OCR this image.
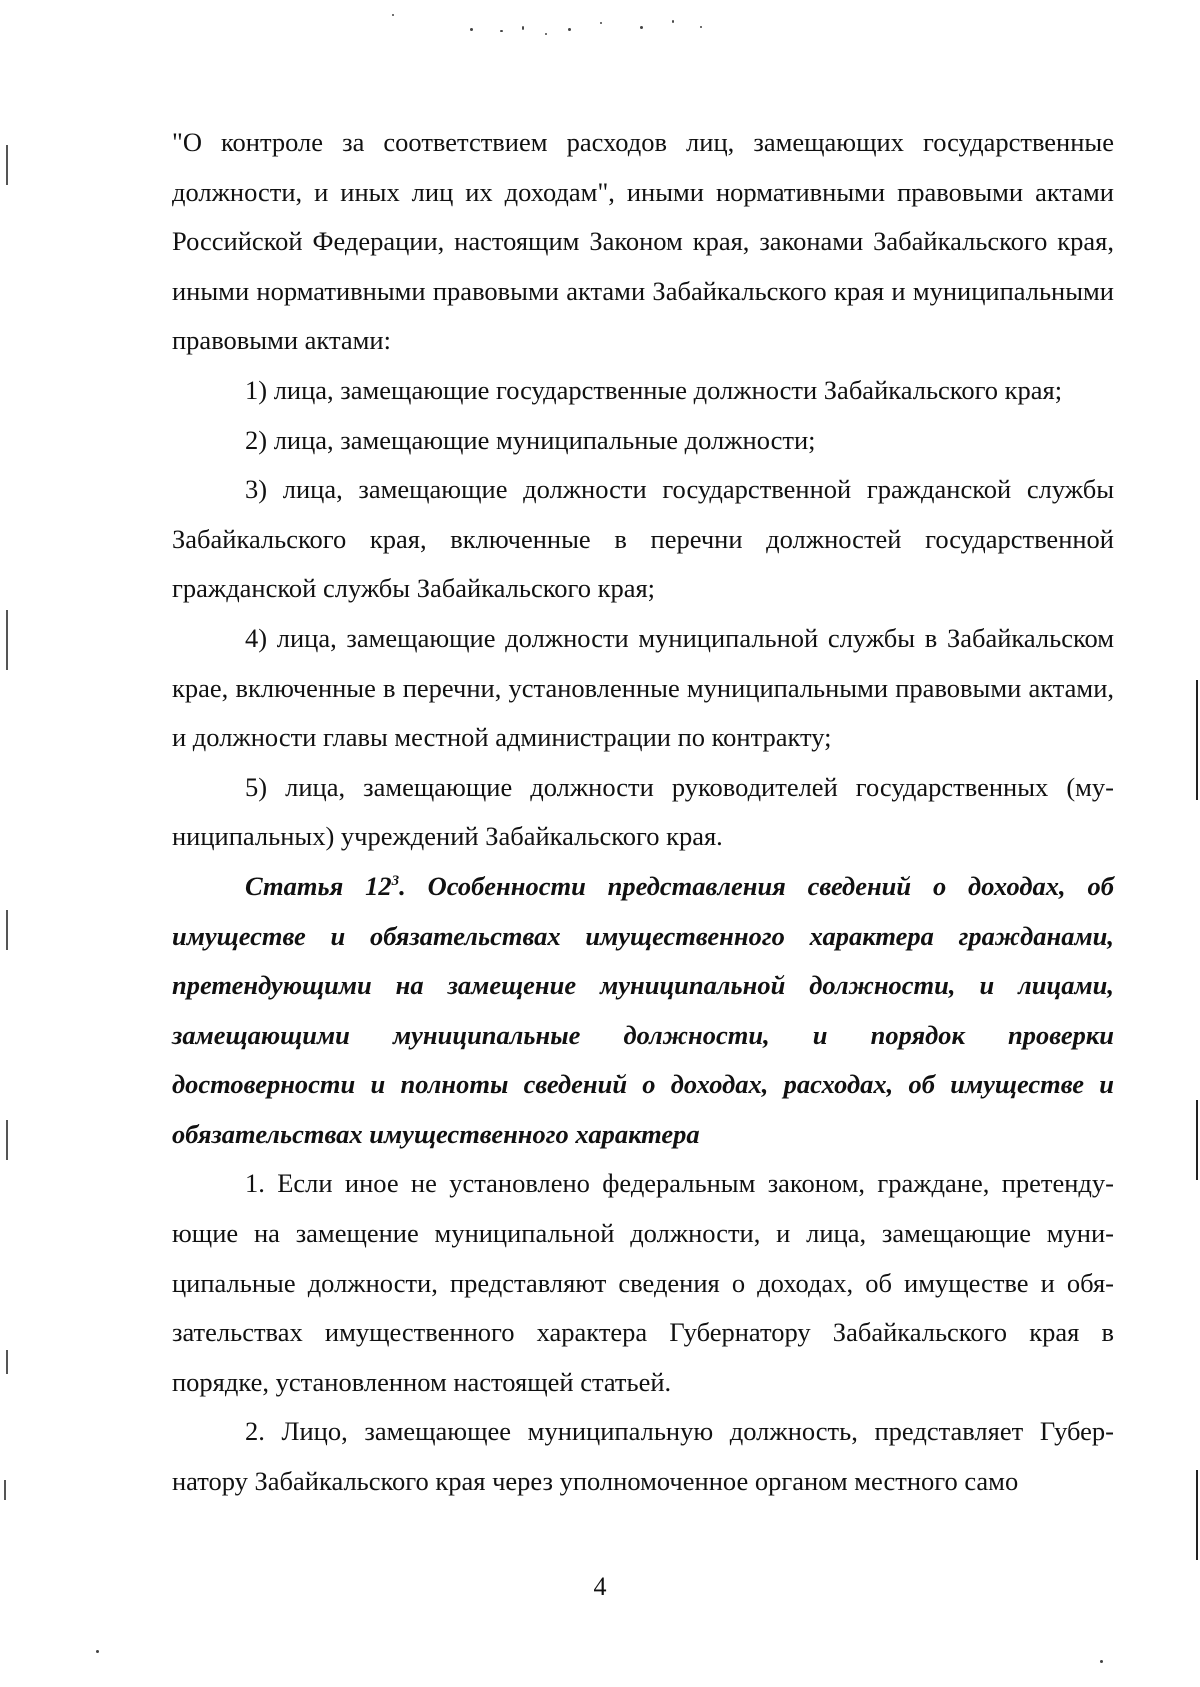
"О контроле за соответствием расходов лиц, замещающих государственные должности, и иных лиц их доходам", иными нормативными правовыми актами Российской Федерации, настоящим Законом края, законами Забайкальского края, иными нормативными правовыми актами Забайкальского края и муниципальными правовыми актами:

1) лица, замещающие государственные должности Забайкальского края;

2) лица, замещающие муниципальные должности;

3) лица, замещающие должности государственной гражданской службы Забайкальского края, включенные в перечни должностей государственной гражданской службы Забайкальского края;

4) лица, замещающие должности муниципальной службы в Забайкальском крае, включенные в перечни, установленные муниципальными правовыми актами, и должности главы местной администрации по контракту;

5) лица, замещающие должности руководителей государственных (муниципальных) учреждений Забайкальского края.

Статья $12^3$. Особенности представления сведений о доходах, об имуществе и обязательствах имущественного характера гражданами, претендующими на замещение муниципальной должности, и лицами, замещающими муниципальные должности, и порядок проверки достоверности и полноты сведений о доходах, расходах, об имуществе и обязательствах имущественного характера

1. Если иное не установлено федеральным законом, граждане, претендующие на замещение муниципальной должности, и лица, замещающие муниципальные должности, представляют сведения о доходах, об имуществе и обязательствах имущественного характера Губернатору Забайкальского края в порядке, установленном настоящей статьей.

2. Лицо, замещающее муниципальную должность, представляет Губернатору Забайкальского края через уполномоченное органом местного само

4
